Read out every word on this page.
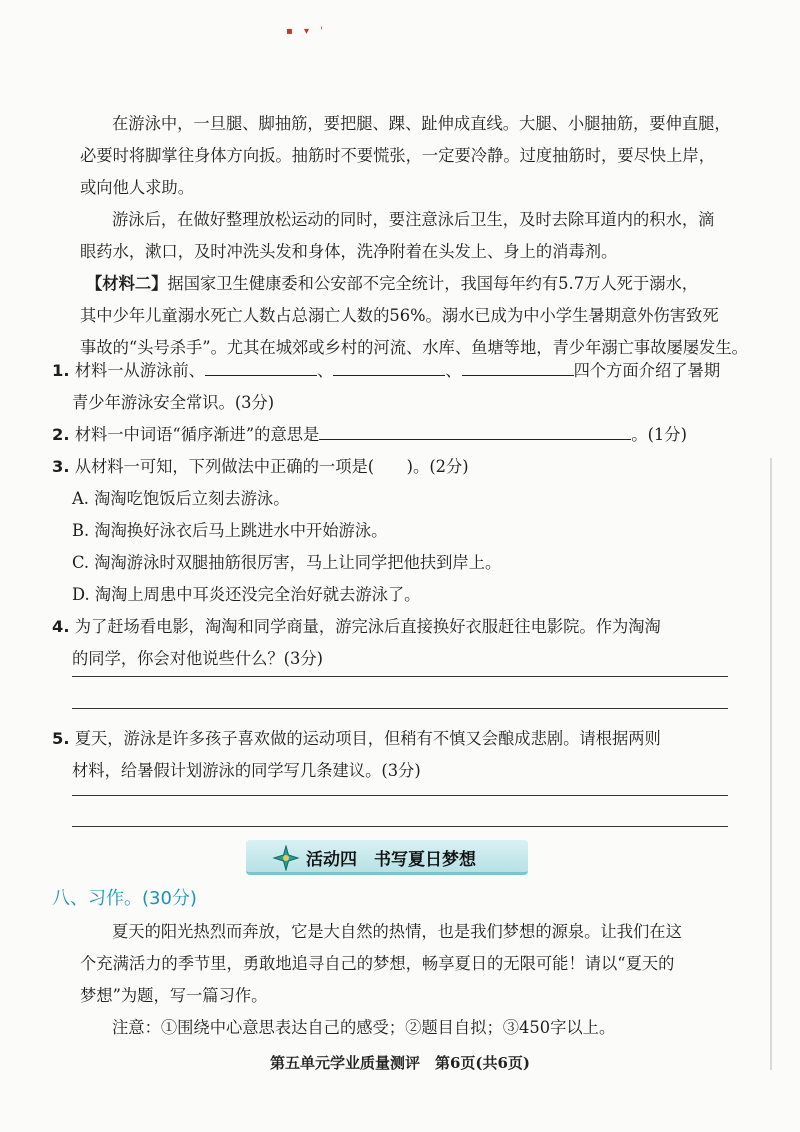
▪ ▾ '
在游泳中，一旦腿、脚抽筋，要把腿、踝、趾伸成直线。大腿、小腿抽筋，要伸直腿，
必要时将脚掌往身体方向扳。抽筋时不要慌张，一定要冷静。过度抽筋时，要尽快上岸，
或向他人求助。
游泳后，在做好整理放松运动的同时，要注意泳后卫生，及时去除耳道内的积水，滴
眼药水，漱口，及时冲洗头发和身体，洗净附着在头发上、身上的消毒剂。
【材料二】据国家卫生健康委和公安部不完全统计，我国每年约有5.7万人死于溺水，
其中少年儿童溺水死亡人数占总溺亡人数的56%。溺水已成为中小学生暑期意外伤害致死
事故的“头号杀手”。尤其在城郊或乡村的河流、水库、鱼塘等地，青少年溺亡事故屡屡发生。
1. 材料一从游泳前、	、	、	四个方面介绍了暑期
青少年游泳安全常识。(3分)
2. 材料一中词语“循序渐进”的意思是	。(1分)
3. 从材料一可知，下列做法中正确的一项是(　　)。(2分)
A. 淘淘吃饱饭后立刻去游泳。
B. 淘淘换好泳衣后马上跳进水中开始游泳。
C. 淘淘游泳时双腿抽筋很厉害，马上让同学把他扶到岸上。
D. 淘淘上周患中耳炎还没完全治好就去游泳了。
4. 为了赶场看电影，淘淘和同学商量，游完泳后直接换好衣服赶往电影院。作为淘淘
的同学，你会对他说些什么？(3分)
5. 夏天，游泳是许多孩子喜欢做的运动项目，但稍有不慎又会酿成悲剧。请根据两则
材料，给暑假计划游泳的同学写几条建议。(3分)
活动四　书写夏日梦想
八、习作。(30分)
夏天的阳光热烈而奔放，它是大自然的热情，也是我们梦想的源泉。让我们在这
个充满活力的季节里，勇敢地追寻自己的梦想，畅享夏日的无限可能！请以“夏天的
梦想”为题，写一篇习作。
注意：①围绕中心意思表达自己的感受；②题目自拟；③450字以上。
第五单元学业质量测评　第6页(共6页)
